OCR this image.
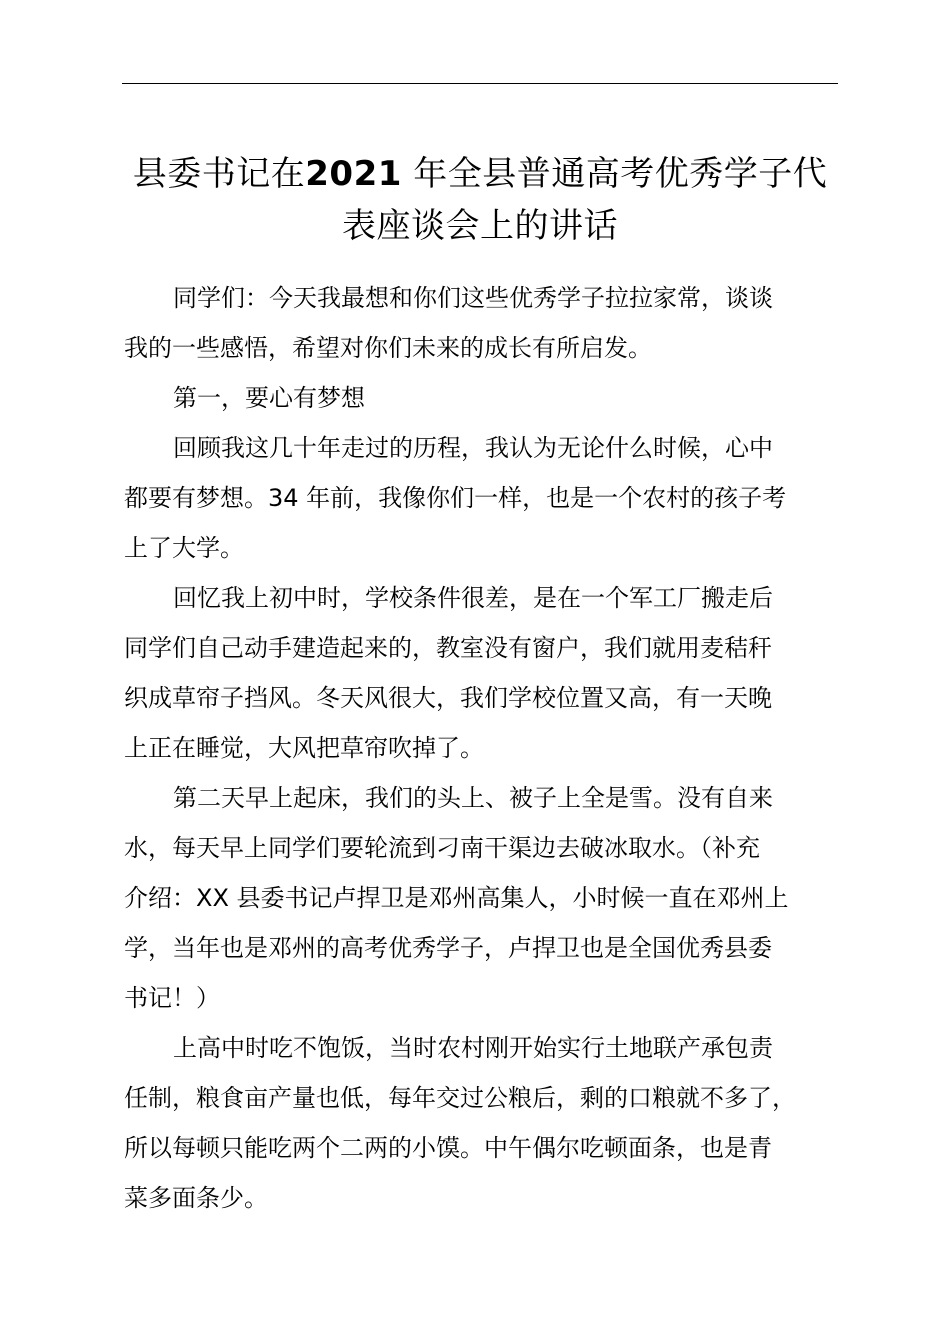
县委书记在2021 年全县普通高考优秀学子代
表座谈会上的讲话

同学们：今天我最想和你们这些优秀学子拉拉家常，谈谈
我的一些感悟，希望对你们未来的成长有所启发。

第一，要心有梦想

回顾我这几十年走过的历程，我认为无论什么时候，心中
都要有梦想。34 年前，我像你们一样，也是一个农村的孩子考
上了大学。

回忆我上初中时，学校条件很差，是在一个军工厂搬走后
同学们自己动手建造起来的，教室没有窗户，我们就用麦秸秆
织成草帘子挡风。冬天风很大，我们学校位置又高，有一天晚
上正在睡觉，大风把草帘吹掉了。

第二天早上起床，我们的头上、被子上全是雪。没有自来
水，每天早上同学们要轮流到刁南干渠边去破冰取水。（补充
介绍：XX 县委书记卢捍卫是邓州高集人，小时候一直在邓州上
学，当年也是邓州的高考优秀学子，卢捍卫也是全国优秀县委
书记！）

上高中时吃不饱饭，当时农村刚开始实行土地联产承包责
任制，粮食亩产量也低，每年交过公粮后，剩的口粮就不多了，
所以每顿只能吃两个二两的小馍。中午偶尔吃顿面条，也是青
菜多面条少。
